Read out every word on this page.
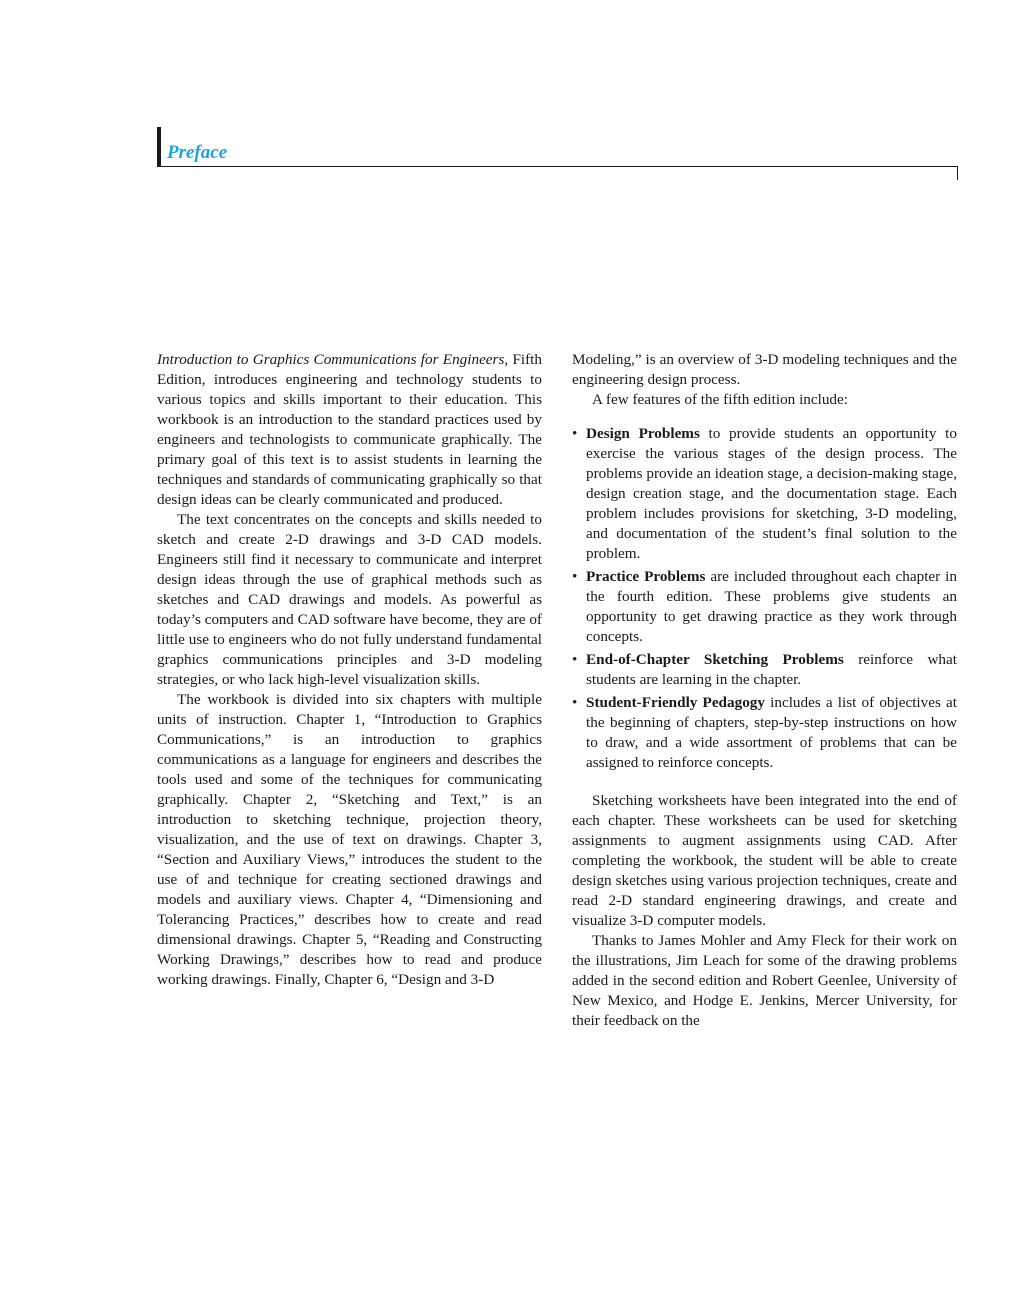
Preface

Introduction to Graphics Communications for Engineers, Fifth Edition, introduces engineering and technology students to various topics and skills important to their education. This workbook is an introduction to the standard practices used by engineers and technologists to communicate graphically. The primary goal of this text is to assist students in learning the techniques and standards of communicating graphically so that design ideas can be clearly communicated and produced.

The text concentrates on the concepts and skills needed to sketch and create 2-D drawings and 3-D CAD models. Engineers still find it necessary to communicate and interpret design ideas through the use of graphical methods such as sketches and CAD drawings and models. As powerful as today’s computers and CAD software have become, they are of little use to engineers who do not fully understand fundamental graphics communications principles and 3-D modeling strategies, or who lack high-level visualization skills.

The workbook is divided into six chapters with multiple units of instruction. Chapter 1, “Introduction to Graphics Communications,” is an introduction to graphics communications as a language for engineers and describes the tools used and some of the techniques for communicating graphically. Chapter 2, “Sketching and Text,” is an introduction to sketching technique, projection theory, visualization, and the use of text on drawings. Chapter 3, “Section and Auxiliary Views,” introduces the student to the use of and technique for creating sectioned drawings and models and auxiliary views. Chapter 4, “Dimensioning and Tolerancing Practices,” describes how to create and read dimensional drawings. Chapter 5, “Reading and Constructing Working Drawings,” describes how to read and produce working drawings. Finally, Chapter 6, “Design and 3-D

Modeling,” is an overview of 3-D modeling techniques and the engineering design process.

A few features of the fifth edition include:

• Design Problems to provide students an opportunity to exercise the various stages of the design process. The problems provide an ideation stage, a decision-making stage, design creation stage, and the documentation stage. Each problem includes provisions for sketching, 3-D modeling, and documentation of the student’s final solution to the problem.
• Practice Problems are included throughout each chapter in the fourth edition. These problems give students an opportunity to get drawing practice as they work through concepts.
• End-of-Chapter Sketching Problems reinforce what students are learning in the chapter.
• Student-Friendly Pedagogy includes a list of objectives at the beginning of chapters, step-by-step instructions on how to draw, and a wide assortment of problems that can be assigned to reinforce concepts.

Sketching worksheets have been integrated into the end of each chapter. These worksheets can be used for sketching assignments to augment assignments using CAD. After completing the workbook, the student will be able to create design sketches using various projection techniques, create and read 2-D standard engineering drawings, and create and visualize 3-D computer models.

Thanks to James Mohler and Amy Fleck for their work on the illustrations, Jim Leach for some of the drawing problems added in the second edition and Robert Geenlee, University of New Mexico, and Hodge E. Jenkins, Mercer University, for their feedback on the
